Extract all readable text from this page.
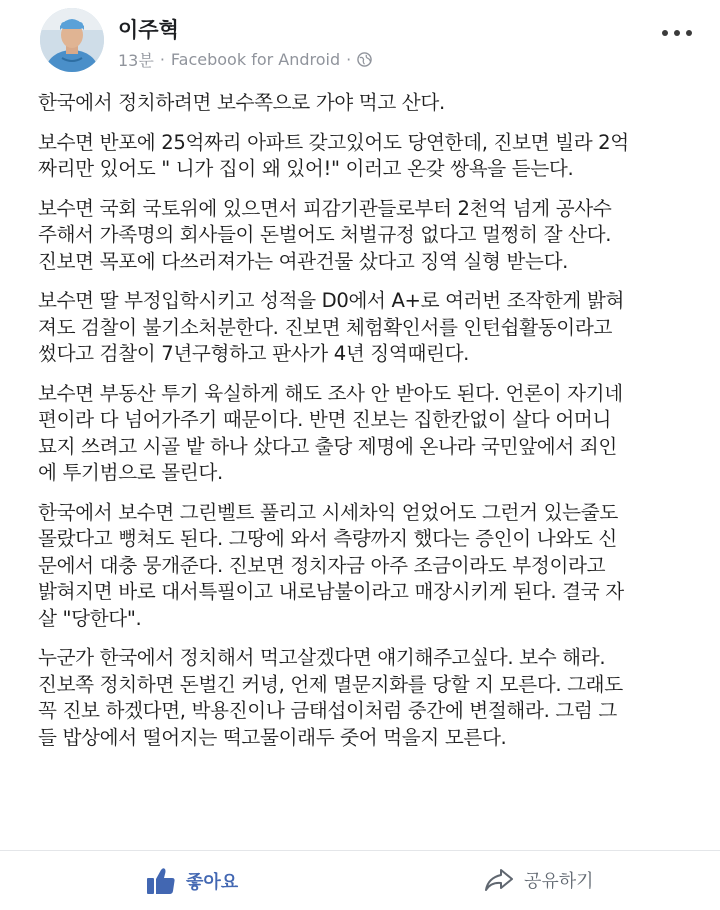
이주혁
13분 · Facebook for Android ·
한국에서 정치하려면 보수쪽으로 가야 먹고 산다.
보수면 반포에 25억짜리 아파트 갖고있어도 당연한데, 진보면 빌라 2억
짜리만 있어도 " 니가 집이 왜 있어!" 이러고 온갖 쌍욕을 듣는다.
보수면 국회 국토위에 있으면서 피감기관들로부터 2천억 넘게 공사수
주해서 가족명의 회사들이 돈벌어도 처벌규정 없다고 멀쩡히 잘 산다.
진보면 목포에 다쓰러져가는 여관건물 샀다고 징역 실형 받는다.
보수면 딸 부정입학시키고 성적을 D0에서 A+로 여러번 조작한게 밝혀
져도 검찰이 불기소처분한다. 진보면 체험확인서를 인턴쉽활동이라고
썼다고 검찰이 7년구형하고 판사가 4년 징역때린다.
보수면 부동산 투기 육실하게 해도 조사 안 받아도 된다. 언론이 자기네
편이라 다 넘어가주기 때문이다. 반면 진보는 집한칸없이 살다 어머니
묘지 쓰려고 시골 밭 하나 샀다고 출당 제명에 온나라 국민앞에서 죄인
에 투기범으로 몰린다.
한국에서 보수면 그린벨트 풀리고 시세차익 얻었어도 그런거 있는줄도
몰랐다고 뻥쳐도 된다. 그땅에 와서 측량까지 했다는 증인이 나와도 신
문에서 대충 뭉개준다. 진보면 정치자금 아주 조금이라도 부정이라고
밝혀지면 바로 대서특필이고 내로남불이라고 매장시키게 된다. 결국 자
살 "당한다".
누군가 한국에서 정치해서 먹고살겠다면 얘기해주고싶다. 보수 해라.
진보쪽 정치하면 돈벌긴 커녕, 언제 멸문지화를 당할 지 모른다. 그래도
꼭 진보 하겠다면, 박용진이나 금태섭이처럼 중간에 변절해라. 그럼 그
들 밥상에서 떨어지는 떡고물이래두 줏어 먹을지 모른다.
좋아요	공유하기
